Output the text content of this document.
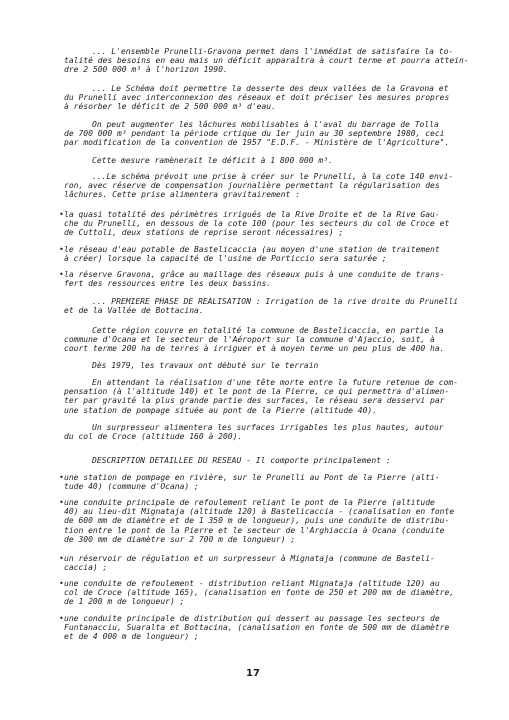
... L'ensemble Prunelli-Gravona permet dans l'immédiat de satisfaire la to-
talité des besoins en eau mais un déficit apparaîtra à court terme et pourra attein-
dre 2 500 000 m³ à l'horizon 1990.
... Le Schéma doit permettre la desserte des deux vallées de la Gravona et
du Prunelli avec interconnexion des réseaux et doit préciser les mesures propres
à résorber le déficit de 2 500 000 m³ d'eau.
On peut augmenter les lâchures mobilisables à l'aval du barrage de Tolla
de 700 000 m³ pendant la période crtique du 1er juin au 30 septembre 1980, ceci
par modification de la convention de 1957 "E.D.F. - Ministère de l'Agriculture".
Cette mesure ramènerait le déficit à 1 800 000 m³.
...Le schéma prévoit une prise à créer sur le Prunelli, à la cote 140 envi-
ron, avec réserve de compensation journalière permettant la régularisation des
lâchures. Cette prise alimentera gravitairement :
• la quasi totalité des périmètres irrigués de la Rive Droite et de la Rive Gau-
che du Prunelli, en dessous de la cote 100 (pour les secteurs du col de Croce et
de Cuttoli, deux stations de reprise seront nécessaires) ;
• le réseau d'eau potable de Bastelicaccia (au moyen d'une station de traitement
à créer) lorsque la capacité de l'usine de Porticcio sera saturée ;
• la réserve Gravona, grâce au maillage des réseaux puis à une conduite de trans-
fert des ressources entre les deux bassins.
... PREMIERE PHASE DE REALISATION : Irrigation de la rive droite du Prunelli
et de la Vallée de Bottacina.
Cette région couvre en totalité la commune de Bastelicaccia, en partie la
commune d'Ocana et le secteur de l'Aéroport sur la commune d'Ajaccio, soit, à
court terme 200 ha de terres à irriguer et à moyen terme un peu plus de 400 ha.
Dès 1979, les travaux ont débuté sur le terrain
En attendant la réalisation d'une tête morte entre la future retenue de com-
pensation (à l'altitude 140) et le pont de la Pierre, ce qui permettra d'alimen-
ter par gravité la plus grande partie des surfaces, le réseau sera desservi par
une station de pompage située au pont de la Pierre (altitude 40).
Un surpresseur alimentera les surfaces irrigables les plus hautes, autour
du col de Croce (altitude 160 à 200).
DESCRIPTION DETAILLEE DU RESEAU - Il comporte principalement :
• une station de pompage en rivière, sur le Prunelli au Pont de la Pierre (alti-
tude 40) (commune d'Ocana) ;
• une conduite principale de refoulement reliant le pont de la Pierre (altitude
40) au lieu-dit Mignataja (altitude 120) à Bastelicaccia - (canalisation en fonte
de 600 mm de diamètre et de 1 350 m de longueur), puis une conduite de distribu-
tion entre le pont de la Pierre et le secteur de l'Arghiaccia à Ocana (conduite
de 300 mm de diamètre sur 2 700 m de longueur) ;
• un réservoir de régulation et un surpresseur à Mignataja (commune de Basteli-
caccia) ;
• une conduite de refoulement - distribution reliant Mignataja (altitude 120) au
col de Croce (altitude 165), (canalisation en fonte de 250 et 200 mm de diamètre,
de 1 200 m de longueur) ;
• une conduite principale de distribution qui dessert au passage les secteurs de
Funtanacciu, Suaralta et Bottacina, (canalisation en fonte de 500 mm de diamètre
et de 4 000 m de longueur) ;
17
